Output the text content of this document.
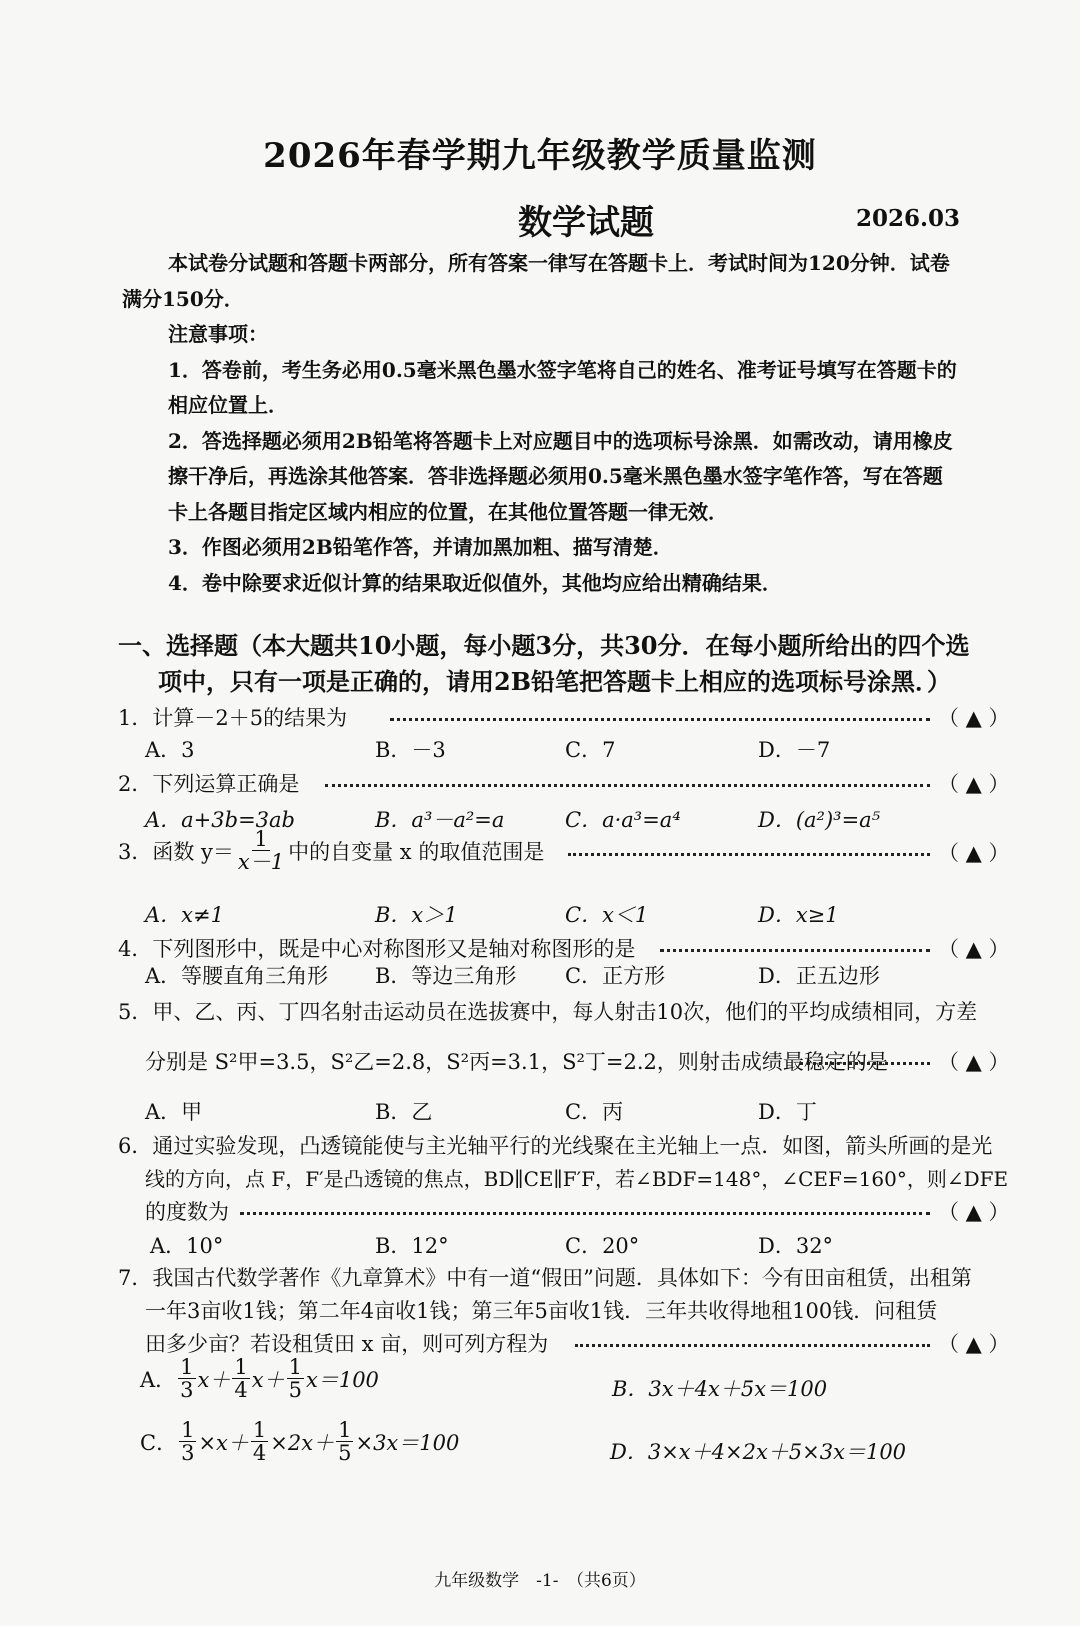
2026年春学期九年级教学质量监测
数学试题	2026.03
本试卷分试题和答题卡两部分，所有答案一律写在答题卡上．考试时间为120分钟．试卷
满分150分．
注意事项：
1．答卷前，考生务必用0.5毫米黑色墨水签字笔将自己的姓名、准考证号填写在答题卡的
相应位置上．
2．答选择题必须用2B铅笔将答题卡上对应题目中的选项标号涂黑．如需改动，请用橡皮
擦干净后，再选涂其他答案．答非选择题必须用0.5毫米黑色墨水签字笔作答，写在答题
卡上各题目指定区域内相应的位置，在其他位置答题一律无效．
3．作图必须用2B铅笔作答，并请加黑加粗、描写清楚．
4．卷中除要求近似计算的结果取近似值外，其他均应给出精确结果．
一、选择题（本大题共10小题，每小题3分，共30分．在每小题所给出的四个选
项中，只有一项是正确的，请用2B铅笔把答题卡上相应的选项标号涂黑．）
1．计算－2＋5的结果为	（ ▲ ）
A．3	B．－3	C．7	D．－7
2．下列运算正确是	（ ▲ ）
A．a+3b=3ab	B．a³－a²=a	C．a·a³=a⁴	D．(a²)³=a⁵
3．函数 $y= \frac{1}{x-1}$ 中的自变量 x 的取值范围是	（ ▲ ）
A．x≠1	B．x＞1	C．x＜1	D．x≥1
4．下列图形中，既是中心对称图形又是轴对称图形的是	（ ▲ ）
A．等腰直角三角形 B．等边三角形 C．正方形	D．正五边形
5．甲、乙、丙、丁四名射击运动员在选拔赛中，每人射击10次，他们的平均成绩相同，方差
分别是 S²甲=3.5，S²乙=2.8，S²丙=3.1，S²丁=2.2，则射击成绩最稳定的是 （ ▲ ）
A．甲	B．乙	C．丙	D．丁
6．通过实验发现，凸透镜能使与主光轴平行的光线聚在主光轴上一点．如图，箭头所画的是光
线的方向，点 F，F′是凸透镜的焦点，BD∥CE∥F′F，若∠BDF=148°，∠CEF=160°，则∠DFE
的度数为	（ ▲ ）
A．10°	B．12°	C．20°	D．32°
7．我国古代数学著作《九章算术》中有一道“假田”问题．具体如下：今有田亩租赁，出租第
一年3亩收1钱；第二年4亩收1钱；第三年5亩收1钱．三年共收得地租100钱．问租赁
田多少亩？若设租赁田 x 亩，则可列方程为	（ ▲ ）
A． $\frac{1}{3} x+ \frac{1}{4} x+ \frac{1}{5} x=100$	B．3x＋4x＋5x＝100
C． $\frac{1}{3} \times x+ \frac{1}{4} \times 2x+ \frac{1}{5} \times 3x=100$	D．3×x＋4×2x＋5×3x＝100
九年级数学　-1-　（共6页）
